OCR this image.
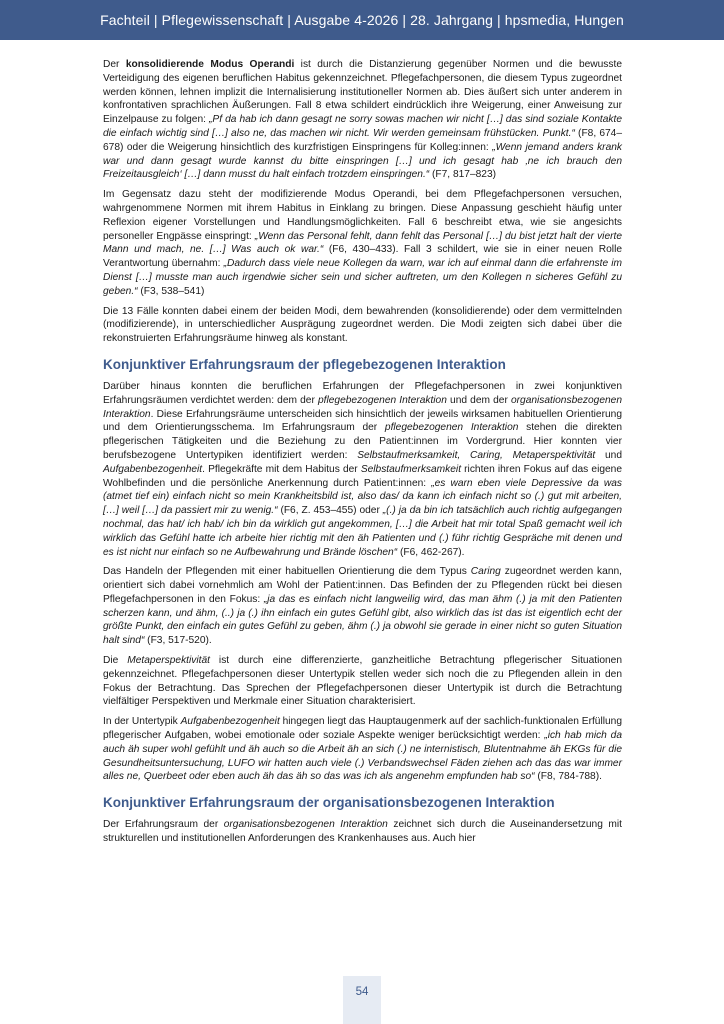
Fachteil | Pflegewissenschaft | Ausgabe 4-2026 | 28. Jahrgang | hpsmedia, Hungen

Der konsolidierende Modus Operandi ist durch die Distanzierung gegenüber Normen und die bewusste Verteidigung des eigenen beruflichen Habitus gekennzeichnet. Pflegefachpersonen, die diesem Typus zugeordnet werden können, lehnen implizit die Internalisierung institutioneller Normen ab. Dies äußert sich unter anderem in konfrontativen sprachlichen Äußerungen. Fall 8 etwa schildert eindrücklich ihre Weigerung, einer Anweisung zur Einzelpause zu folgen: „Pf da hab ich dann gesagt ne sorry sowas machen wir nicht […] das sind soziale Kontakte die einfach wichtig sind […] also ne, das machen wir nicht. Wir werden gemeinsam frühstücken. Punkt.“ (F8, 674–678) oder die Weigerung hinsichtlich des kurzfristigen Einspringens für Kolleg:innen: „Wenn jemand anders krank war und dann gesagt wurde kannst du bitte einspringen […] und ich gesagt hab ‚ne ich brauch den Freizeitausgleich‘ […] dann musst du halt einfach trotzdem einspringen.“ (F7, 817–823)

Im Gegensatz dazu steht der modifizierende Modus Operandi, bei dem Pflegefachpersonen versuchen, wahrgenommene Normen mit ihrem Habitus in Einklang zu bringen. Diese Anpassung geschieht häufig unter Reflexion eigener Vorstellungen und Handlungsmöglichkeiten. Fall 6 beschreibt etwa, wie sie angesichts personeller Engpässe einspringt: „Wenn das Personal fehlt, dann fehlt das Personal […] du bist jetzt halt der vierte Mann und mach, ne. […] Was auch ok war.“ (F6, 430–433). Fall 3 schildert, wie sie in einer neuen Rolle Verantwortung übernahm: „Dadurch dass viele neue Kollegen da warn, war ich auf einmal dann die erfahrenste im Dienst […] musste man auch irgendwie sicher sein und sicher auftreten, um den Kollegen n sicheres Gefühl zu geben.“ (F3, 538–541)

Die 13 Fälle konnten dabei einem der beiden Modi, dem bewahrenden (konsolidierende) oder dem vermittelnden (modifizierende), in unterschiedlicher Ausprägung zugeordnet werden. Die Modi zeigten sich dabei über die rekonstruierten Erfahrungsräume hinweg als konstant.

Konjunktiver Erfahrungsraum der pflegebezogenen Interaktion

Darüber hinaus konnten die beruflichen Erfahrungen der Pflegefachpersonen in zwei konjunktiven Erfahrungsräumen verdichtet werden: dem der pflegebezogenen Interaktion und dem der organisationsbezogenen Interaktion. Diese Erfahrungsräume unterscheiden sich hinsichtlich der jeweils wirksamen habituellen Orientierung und dem Orientierungsschema. Im Erfahrungsraum der pflegebezogenen Interaktion stehen die direkten pflegerischen Tätigkeiten und die Beziehung zu den Patient:innen im Vordergrund. Hier konnten vier berufsbezogene Untertypiken identifiziert werden: Selbstaufmerksamkeit, Caring, Metaperspektivität und Aufgabenbezogenheit. Pflegekräfte mit dem Habitus der Selbstaufmerksamkeit richten ihren Fokus auf das eigene Wohlbefinden und die persönliche Anerkennung durch Patient:innen: „es warn eben viele Depressive da was (atmet tief ein) einfach nicht so mein Krankheitsbild ist, also das/ da kann ich einfach nicht so (.) gut mit arbeiten, […] weil […] da passiert mir zu wenig.“ (F6, Z. 453–455) oder „(.) ja da bin ich tatsächlich auch richtig aufgegangen nochmal, das hat/ ich hab/ ich bin da wirklich gut angekommen, […] die Arbeit hat mir total Spaß gemacht weil ich wirklich das Gefühl hatte ich arbeite hier richtig mit den äh Patienten und (.) führ richtig Gespräche mit denen und es ist nicht nur einfach so ne Aufbewahrung und Brände löschen“ (F6, 462-267).

Das Handeln der Pflegenden mit einer habituellen Orientierung die dem Typus Caring zugeordnet werden kann, orientiert sich dabei vornehmlich am Wohl der Patient:innen. Das Befinden der zu Pflegenden rückt bei diesen Pflegefachpersonen in den Fokus: „ja das es einfach nicht langweilig wird, das man ähm (.) ja mit den Patienten scherzen kann, und ähm, (..) ja (.) ihn einfach ein gutes Gefühl gibt, also wirklich das ist das ist eigentlich echt der größte Punkt, den einfach ein gutes Gefühl zu geben, ähm (.) ja obwohl sie gerade in einer nicht so guten Situation halt sind“ (F3, 517-520).

Die Metaperspektivität ist durch eine differenzierte, ganzheitliche Betrachtung pflegerischer Situationen gekennzeichnet. Pflegefachpersonen dieser Untertypik stellen weder sich noch die zu Pflegenden allein in den Fokus der Betrachtung. Das Sprechen der Pflegefachpersonen dieser Untertypik ist durch die Betrachtung vielfältiger Perspektiven und Merkmale einer Situation charakterisiert.

In der Untertypik Aufgabenbezogenheit hingegen liegt das Hauptaugenmerk auf der sachlich-funktionalen Erfüllung pflegerischer Aufgaben, wobei emotionale oder soziale Aspekte weniger berücksichtigt werden: „ich hab mich da auch äh super wohl gefühlt und äh auch so die Arbeit äh an sich (.) ne internistisch, Blutentnahme äh EKGs für die Gesundheitsuntersuchung, LUFO wir hatten auch viele (.) Verbandswechsel Fäden ziehen ach das das war immer alles ne, Querbeet oder eben auch äh das äh so das was ich als angenehm empfunden hab so“ (F8, 784-788).

Konjunktiver Erfahrungsraum der organisationsbezogenen Interaktion

Der Erfahrungsraum der organisationsbezogenen Interaktion zeichnet sich durch die Auseinandersetzung mit strukturellen und institutionellen Anforderungen des Krankenhauses aus. Auch hier

54
